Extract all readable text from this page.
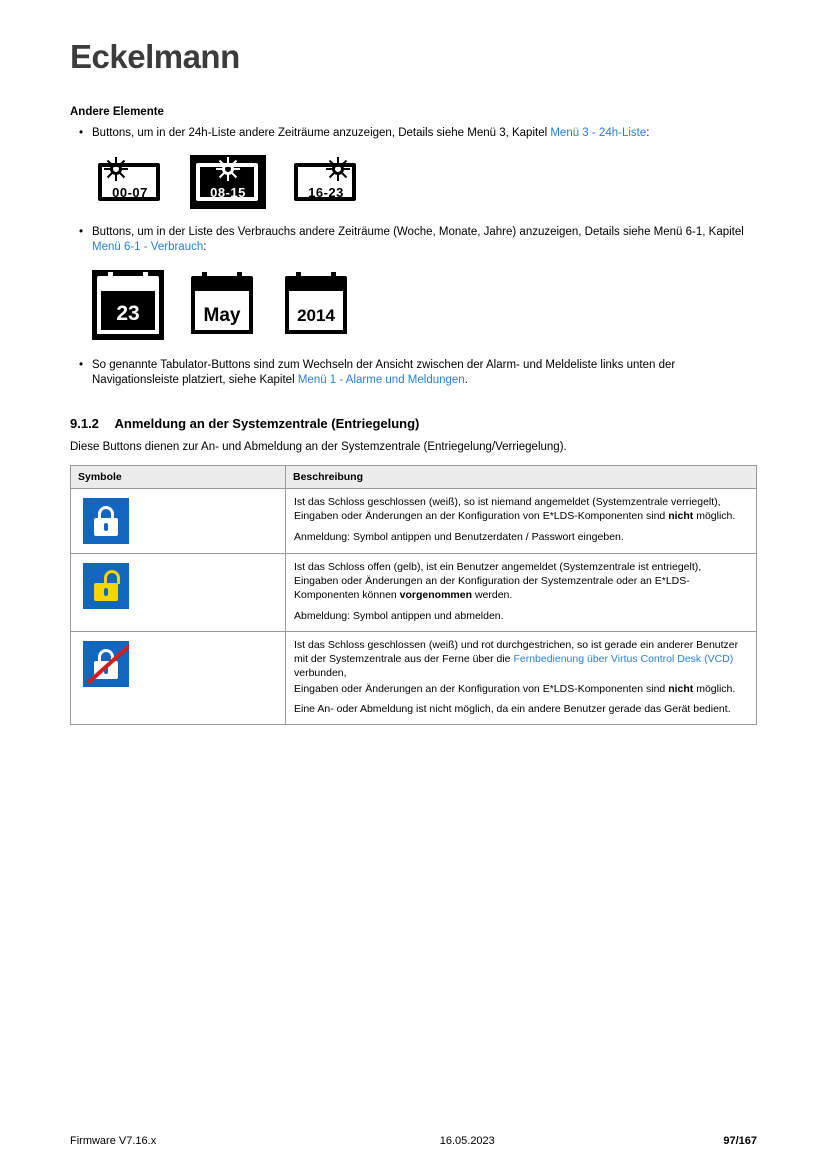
Eckelmann
Andere Elemente
• Buttons, um in der 24h-Liste andere Zeiträume anzuzeigen, Details siehe Menü 3, Kapitel Menü 3 - 24h-Liste:
00-07	08-15	16-23
• Buttons, um in der Liste des Verbrauchs andere Zeiträume (Woche, Monate, Jahre) anzuzeigen, Details siehe Menü 6-1, Kapitel Menü 6-1 - Verbrauch:
23	May	2014
• So genannte Tabulator-Buttons sind zum Wechseln der Ansicht zwischen der Alarm- und Meldeliste links unten der Navigationsleiste platziert, siehe Kapitel Menü 1 - Alarme und Meldungen.
9.1.2 Anmeldung an der Systemzentrale (Entriegelung)
Diese Buttons dienen zur An- und Abmeldung an der Systemzentrale (Entriegelung/Verriegelung).
Symbole	Beschreibung

	Ist das Schloss geschlossen (weiß), so ist niemand angemeldet (Systemzentrale verriegelt), Eingaben oder Änderungen an der Konfiguration von E*LDS-Komponenten sind nicht möglich.

Anmeldung: Symbol antippen und Benutzerdaten / Passwort eingeben.

	Ist das Schloss offen (gelb), ist ein Benutzer angemeldet (Systemzentrale ist entriegelt), Eingaben oder Änderungen an der Konfiguration der Systemzentrale oder an E*LDS-Komponenten können vorgenommen werden.

Abmeldung: Symbol antippen und abmelden.

	Ist das Schloss geschlossen (weiß) und rot durchgestrichen, so ist gerade ein anderer Benutzer mit der Systemzentrale aus der Ferne über die Fernbedienung über Virtus Control Desk (VCD) verbunden,

Eingaben oder Änderungen an der Konfiguration von E*LDS-Komponenten sind nicht möglich.

Eine An- oder Abmeldung ist nicht möglich, da ein andere Benutzer gerade das Gerät bedient.

Firmware V7.16.x	16.05.2023	97/167
